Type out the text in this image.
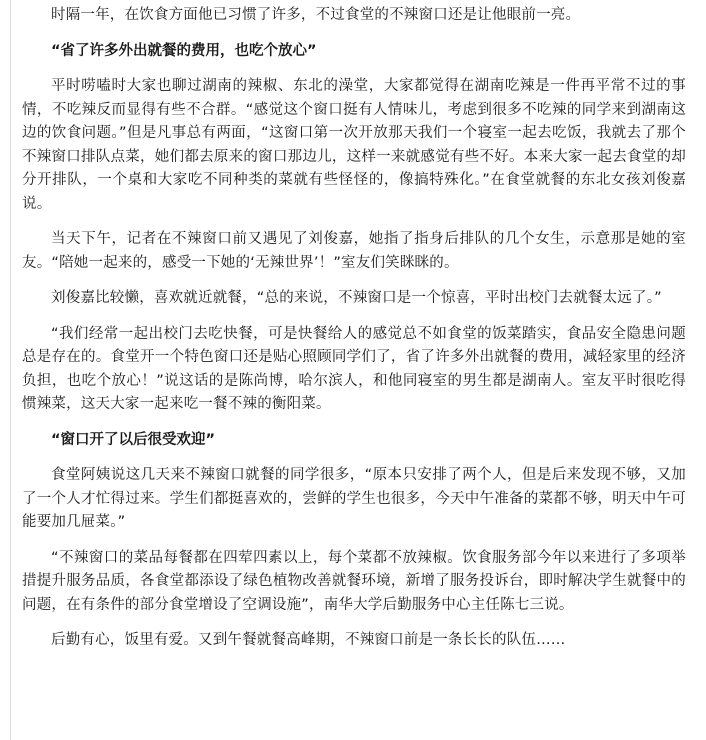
时隔一年，在饮食方面他已习惯了许多，不过食堂的不辣窗口还是让他眼前一亮。

“省了许多外出就餐的费用，也吃个放心”

平时唠嗑时大家也聊过湖南的辣椒、东北的澡堂，大家都觉得在湖南吃辣是一件再平常不过的事情，不吃辣反而显得有些不合群。“感觉这个窗口挺有人情味儿，考虑到很多不吃辣的同学来到湖南这边的饮食问题。”但是凡事总有两面，“这窗口第一次开放那天我们一个寝室一起去吃饭，我就去了那个不辣窗口排队点菜，她们都去原来的窗口那边儿，这样一来就感觉有些不好。本来大家一起去食堂的却分开排队，一个桌和大家吃不同种类的菜就有些怪怪的，像搞特殊化。”在食堂就餐的东北女孩刘俊嘉说。

当天下午，记者在不辣窗口前又遇见了刘俊嘉，她指了指身后排队的几个女生，示意那是她的室友。“陪她一起来的，感受一下她的‘无辣世界’！”室友们笑眯眯的。

刘俊嘉比较懒，喜欢就近就餐，“总的来说，不辣窗口是一个惊喜，平时出校门去就餐太远了。”

“我们经常一起出校门去吃快餐，可是快餐给人的感觉总不如食堂的饭菜踏实，食品安全隐患问题总是存在的。食堂开一个特色窗口还是贴心照顾同学们了，省了许多外出就餐的费用，减轻家里的经济负担，也吃个放心！”说这话的是陈尚博，哈尔滨人，和他同寝室的男生都是湖南人。室友平时很吃得惯辣菜，这天大家一起来吃一餐不辣的衡阳菜。

“窗口开了以后很受欢迎”

食堂阿姨说这几天来不辣窗口就餐的同学很多，“原本只安排了两个人，但是后来发现不够，又加了一个人才忙得过来。学生们都挺喜欢的，尝鲜的学生也很多，今天中午准备的菜都不够，明天中午可能要加几屉菜。”

“不辣窗口的菜品每餐都在四荤四素以上，每个菜都不放辣椒。饮食服务部今年以来进行了多项举措提升服务品质，各食堂都添设了绿色植物改善就餐环境，新增了服务投诉台，即时解决学生就餐中的问题，在有条件的部分食堂增设了空调设施”，南华大学后勤服务中心主任陈七三说。

后勤有心，饭里有爱。又到午餐就餐高峰期，不辣窗口前是一条长长的队伍……
